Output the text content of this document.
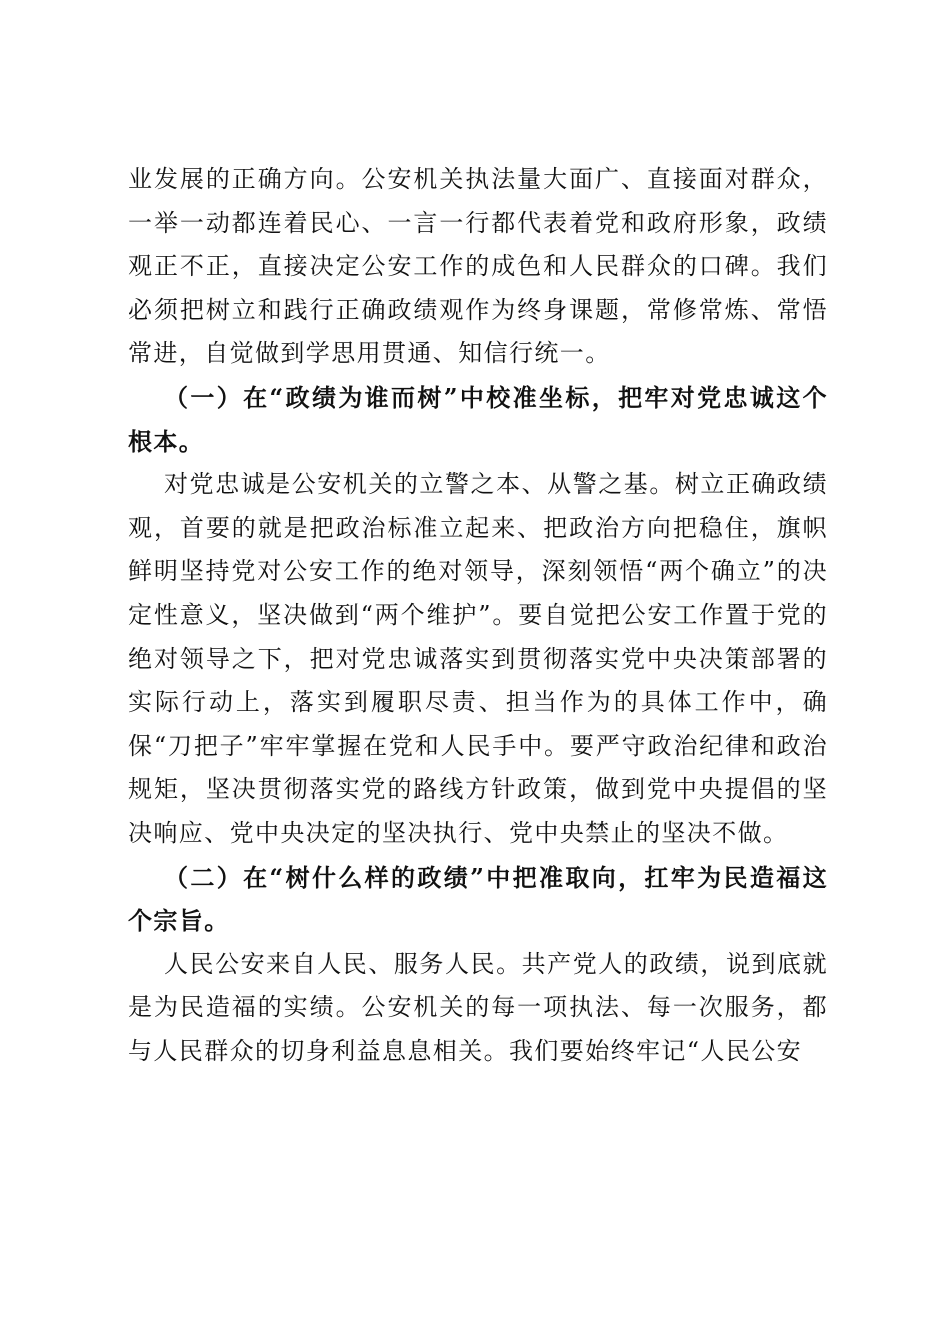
业发展的正确方向。公安机关执法量大面广、直接面对群众，一举一动都连着民心、一言一行都代表着党和政府形象，政绩观正不正，直接决定公安工作的成色和人民群众的口碑。我们必须把树立和践行正确政绩观作为终身课题，常修常炼、常悟常进，自觉做到学思用贯通、知信行统一。

（一）在“政绩为谁而树”中校准坐标，把牢对党忠诚这个根本。

对党忠诚是公安机关的立警之本、从警之基。树立正确政绩观，首要的就是把政治标准立起来、把政治方向把稳住，旗帜鲜明坚持党对公安工作的绝对领导，深刻领悟“两个确立”的决定性意义，坚决做到“两个维护”。要自觉把公安工作置于党的绝对领导之下，把对党忠诚落实到贯彻落实党中央决策部署的实际行动上，落实到履职尽责、担当作为的具体工作中，确保“刀把子”牢牢掌握在党和人民手中。要严守政治纪律和政治规矩，坚决贯彻落实党的路线方针政策，做到党中央提倡的坚决响应、党中央决定的坚决执行、党中央禁止的坚决不做。

（二）在“树什么样的政绩”中把准取向，扛牢为民造福这个宗旨。

人民公安来自人民、服务人民。共产党人的政绩，说到底就是为民造福的实绩。公安机关的每一项执法、每一次服务，都与人民群众的切身利益息息相关。我们要始终牢记“人民公安
